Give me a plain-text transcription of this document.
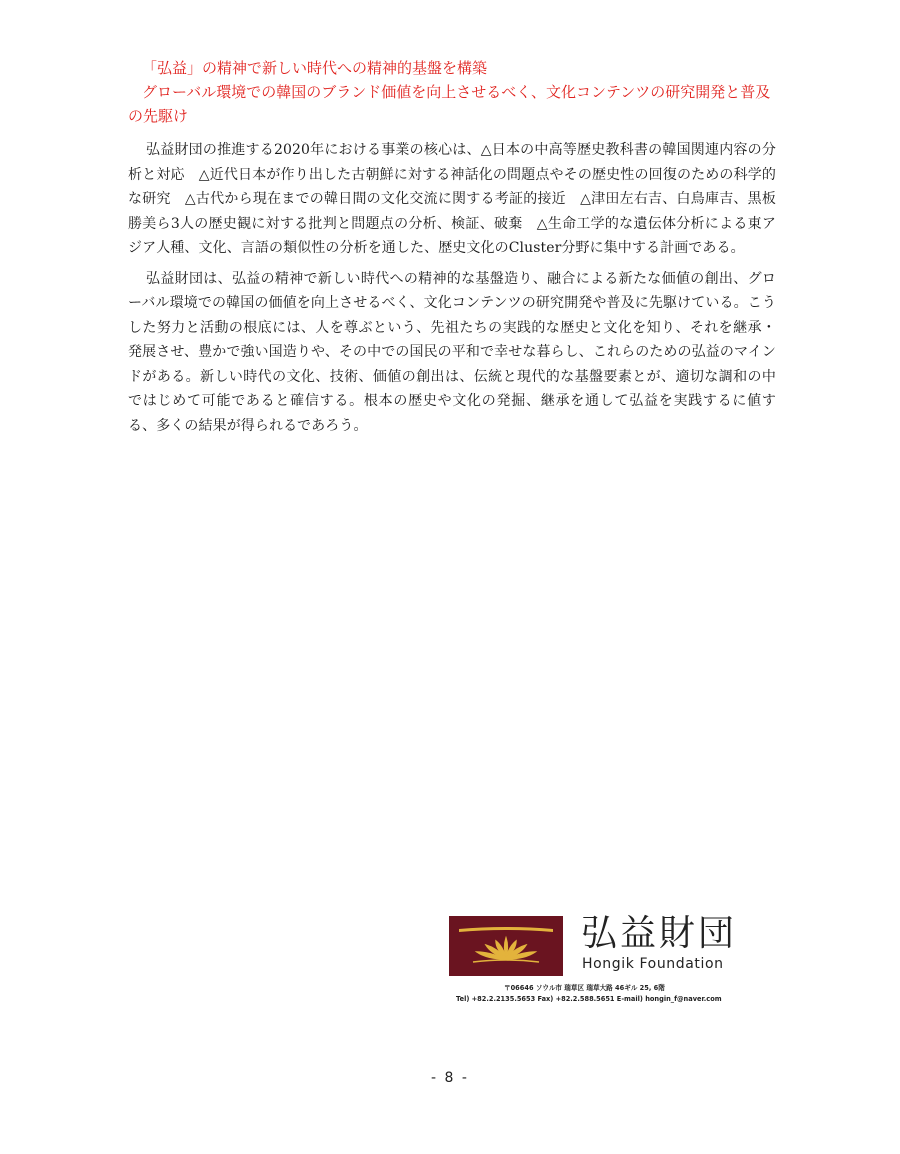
「弘益」の精神で新しい時代への精神的基盤を構築

グローバル環境での韓国のブランド価値を向上させるべく、文化コンテンツの研究開発と普及の先駆け

弘益財団の推進する2020年における事業の核心は、△日本の中高等歴史教科書の韓国関連内容の分析と対応　△近代日本が作り出した古朝鮮に対する神話化の問題点やその歴史性の回復のための科学的な研究　△古代から現在までの韓日間の文化交流に関する考証的接近　△津田左右吉、白鳥庫吉、黒板勝美ら3人の歴史観に対する批判と問題点の分析、検証、破棄　△生命工学的な遺伝体分析による東アジア人種、文化、言語の類似性の分析を通した、歴史文化のCluster分野に集中する計画である。

弘益財団は、弘益の精神で新しい時代への精神的な基盤造り、融合による新たな価値の創出、グローバル環境での韓国の価値を向上させるべく、文化コンテンツの研究開発や普及に先駆けている。こうした努力と活動の根底には、人を尊ぶという、先祖たちの実践的な歴史と文化を知り、それを継承・発展させ、豊かで強い国造りや、その中での国民の平和で幸せな暮らし、これらのための弘益のマインドがある。新しい時代の文化、技術、価値の創出は、伝統と現代的な基盤要素とが、適切な調和の中ではじめて可能であると確信する。根本の歴史や文化の発掘、継承を通して弘益を実践するに値する、多くの結果が得られるであろう。

弘益財団

Hongik Foundation

〒06646 ソウル市 瑞草区 瑞草大路 46ギル 25, 6階
Tel) +82.2.2135.5653 Fax) +82.2.588.5651 E-mail) hongin_f@naver.com
- 8 -
